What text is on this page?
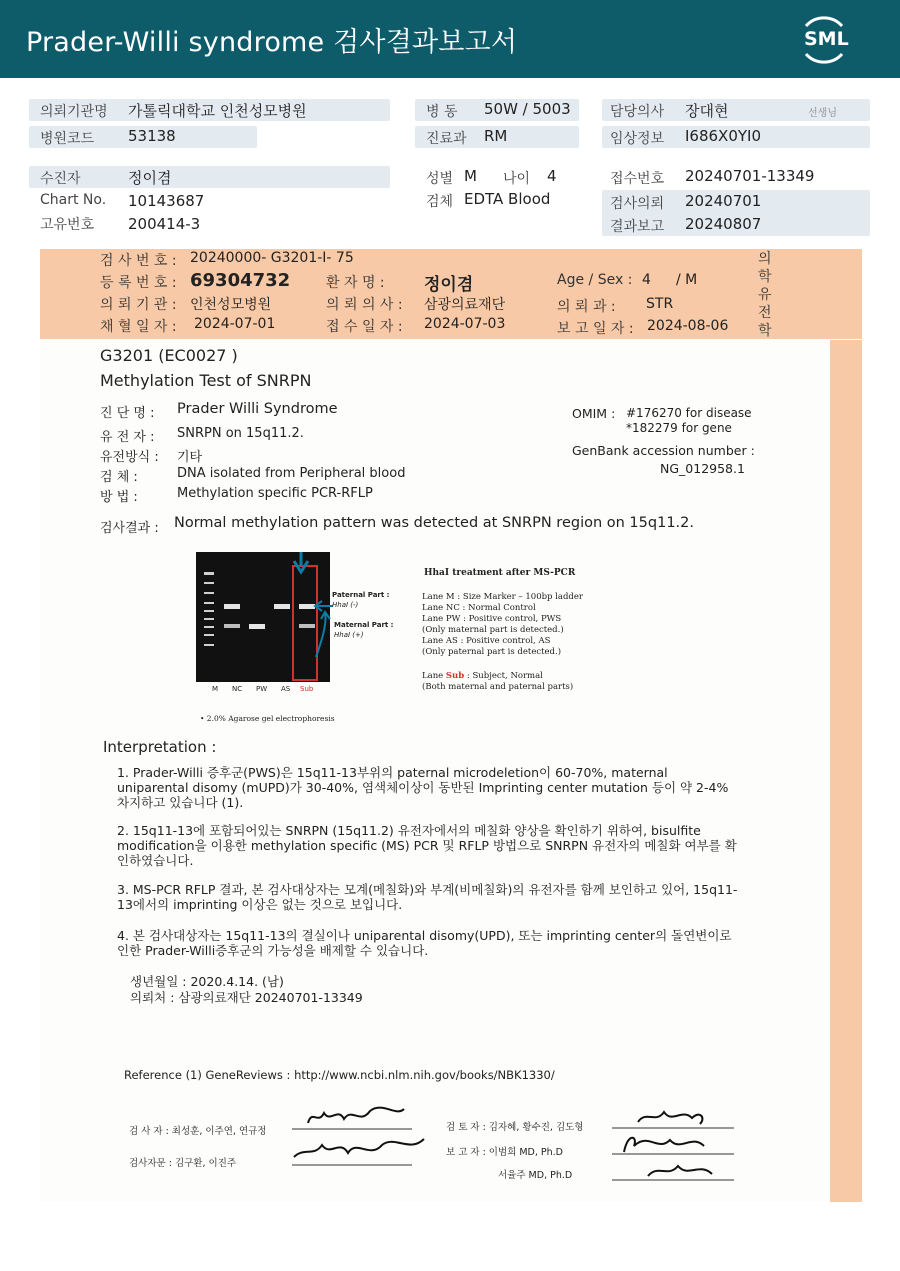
Prader-Willi syndrome 검사결과보고서	SML
의뢰기관명 가톨릭대학교 인천성모병원	병 동 50W / 5003	담당의사 장대현	선생님
병원코드 53138	진료과 RM	임상정보 I686X0YI0
수진자	정이겸	성별 M 나이 4	접수번호 20240701-13349
Chart No. 10143687	검체 EDTA Blood	검사의뢰 20240701
고유번호 200414-3	결과보고 20240807
검 사 번 호 : 20240000- G3201-I- 75
등 록 번 호 : 69304732	환 자 명 : 정이겸	Age / Sex : 4 / M
의 뢰 기 관 : 인천성모병원	의 뢰 의 사 : 삼광의료재단	의 뢰 과 : STR
채 혈 일 자 : 2024-07-01	접 수 일 자 : 2024-07-03	보 고 일 자 : 2024-08-06
의
학
유
전
학
G3201 (EC0027 )
Methylation Test of SNRPN
진 단 명 : Prader Willi Syndrome
유 전 자 : SNRPN on 15q11.2.
유전방식 : 기타
검 체 :	DNA isolated from Peripheral blood
방 법 :	Methylation specific PCR-RFLP
OMIM : #176270 for disease
*182279 for gene
GenBank accession number :
NG_012958.1
검사결과 : Normal methylation pattern was detected at SNRPN region on 15q11.2.
Paternal Part :
HhaI (-)
Maternal Part :
HhaI (+)
M NC PW AS Sub
• 2.0% Agarose gel electrophoresis
HhaI treatment after MS-PCR
Lane M : Size Marker – 100bp ladder
Lane NC : Normal Control
Lane PW : Positive control, PWS
(Only maternal part is detected.)
Lane AS : Positive control, AS
(Only paternal part is detected.)
Lane Sub : Subject, Normal
(Both maternal and paternal parts)
Interpretation :
1. Prader-Willi 증후군(PWS)은 15q11-13부위의 paternal microdeletion이 60-70%, maternal uniparental disomy (mUPD)가 30-40%, 염색체이상이 동반된 Imprinting center mutation 등이 약 2-4% 차지하고 있습니다 (1).
2. 15q11-13에 포함되어있는 SNRPN (15q11.2) 유전자에서의 메칠화 양상을 확인하기 위하여, bisulfite modification을 이용한 methylation specific (MS) PCR 및 RFLP 방법으로 SNRPN 유전자의 메칠화 여부를 확인하였습니다.
3. MS-PCR RFLP 결과, 본 검사대상자는 모계(메칠화)와 부계(비메칠화)의 유전자를 함께 보인하고 있어, 15q11-13에서의 imprinting 이상은 없는 것으로 보입니다.
4. 본 검사대상자는 15q11-13의 결실이나 uniparental disomy(UPD), 또는 imprinting center의 돌연변이로 인한 Prader-Willi증후군의 가능성을 배제할 수 있습니다.
생년월일 : 2020.4.14. (남)
의뢰처 : 삼광의료재단 20240701-13349
Reference (1) GeneReviews : http://www.ncbi.nlm.nih.gov/books/NBK1330/
검 사 자 : 최성훈, 이주연, 연규정
검사자문 : 김구환, 이진주
검 토 자 : 김자혜, 황수진, 김도형
보 고 자 : 이범희 MD, Ph.D
서율주 MD, Ph.D
